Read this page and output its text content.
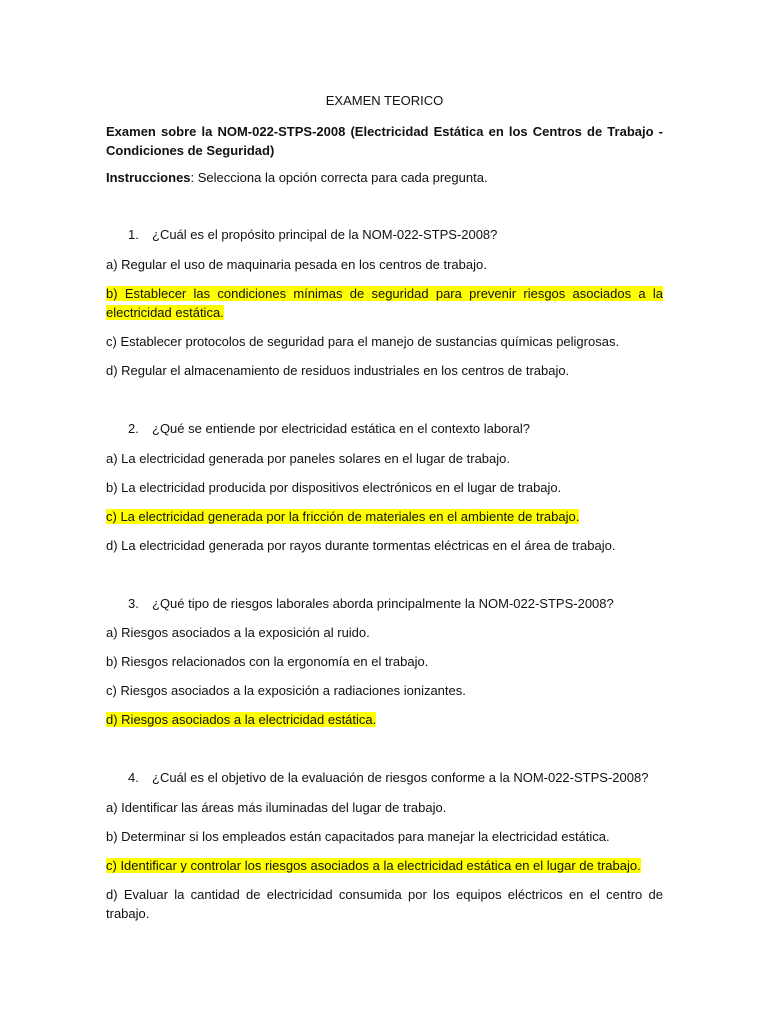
EXAMEN TEORICO
Examen sobre la NOM-022-STPS-2008 (Electricidad Estática en los Centros de Trabajo - Condiciones de Seguridad)
Instrucciones: Selecciona la opción correcta para cada pregunta.
1. ¿Cuál es el propósito principal de la NOM-022-STPS-2008?
a) Regular el uso de maquinaria pesada en los centros de trabajo.
b) Establecer las condiciones mínimas de seguridad para prevenir riesgos asociados a la electricidad estática.
c) Establecer protocolos de seguridad para el manejo de sustancias químicas peligrosas.
d) Regular el almacenamiento de residuos industriales en los centros de trabajo.
2. ¿Qué se entiende por electricidad estática en el contexto laboral?
a) La electricidad generada por paneles solares en el lugar de trabajo.
b) La electricidad producida por dispositivos electrónicos en el lugar de trabajo.
c) La electricidad generada por la fricción de materiales en el ambiente de trabajo.
d) La electricidad generada por rayos durante tormentas eléctricas en el área de trabajo.
3. ¿Qué tipo de riesgos laborales aborda principalmente la NOM-022-STPS-2008?
a) Riesgos asociados a la exposición al ruido.
b) Riesgos relacionados con la ergonomía en el trabajo.
c) Riesgos asociados a la exposición a radiaciones ionizantes.
d) Riesgos asociados a la electricidad estática.
4. ¿Cuál es el objetivo de la evaluación de riesgos conforme a la NOM-022-STPS-2008?
a) Identificar las áreas más iluminadas del lugar de trabajo.
b) Determinar si los empleados están capacitados para manejar la electricidad estática.
c) Identificar y controlar los riesgos asociados a la electricidad estática en el lugar de trabajo.
d) Evaluar la cantidad de electricidad consumida por los equipos eléctricos en el centro de trabajo.
